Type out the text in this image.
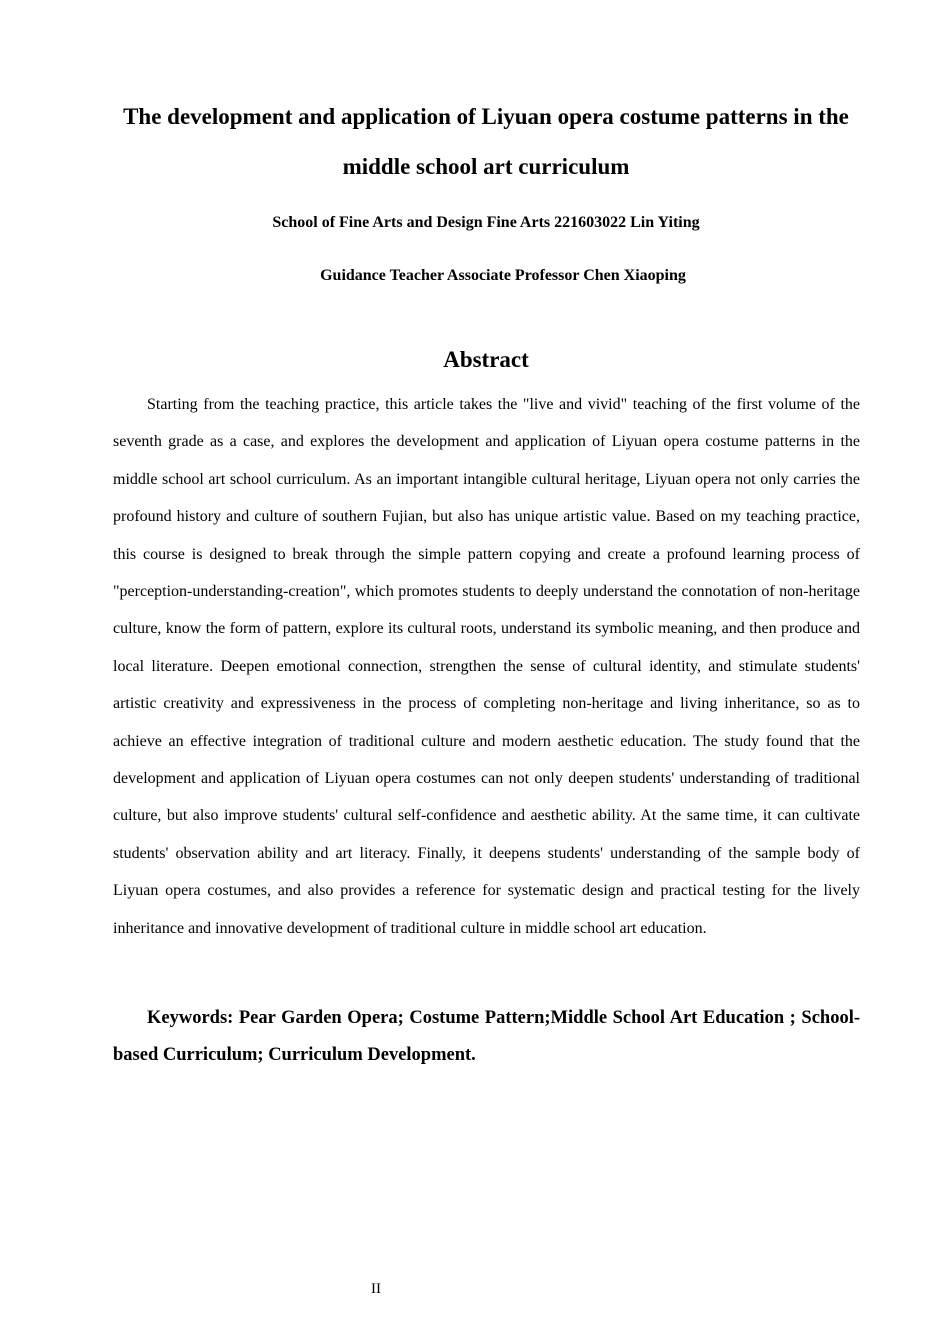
The development and application of Liyuan opera costume patterns in the middle school art curriculum

School of Fine Arts and Design Fine Arts 221603022 Lin Yiting

Guidance Teacher Associate Professor Chen Xiaoping

Abstract

Starting from the teaching practice, this article takes the "live and vivid" teaching of the first volume of the seventh grade as a case, and explores the development and application of Liyuan opera costume patterns in the middle school art school curriculum. As an important intangible cultural heritage, Liyuan opera not only carries the profound history and culture of southern Fujian, but also has unique artistic value. Based on my teaching practice, this course is designed to break through the simple pattern copying and create a profound learning process of "perception-understanding-creation", which promotes students to deeply understand the connotation of non-heritage culture, know the form of pattern, explore its cultural roots, understand its symbolic meaning, and then produce and local literature. Deepen emotional connection, strengthen the sense of cultural identity, and stimulate students' artistic creativity and expressiveness in the process of completing non-heritage and living inheritance, so as to achieve an effective integration of traditional culture and modern aesthetic education. The study found that the development and application of Liyuan opera costumes can not only deepen students' understanding of traditional culture, but also improve students' cultural self-confidence and aesthetic ability. At the same time, it can cultivate students' observation ability and art literacy. Finally, it deepens students' understanding of the sample body of Liyuan opera costumes, and also provides a reference for systematic design and practical testing for the lively inheritance and innovative development of traditional culture in middle school art education.

Keywords: Pear Garden Opera; Costume Pattern;Middle School Art Education ; School-based Curriculum; Curriculum Development.

II
